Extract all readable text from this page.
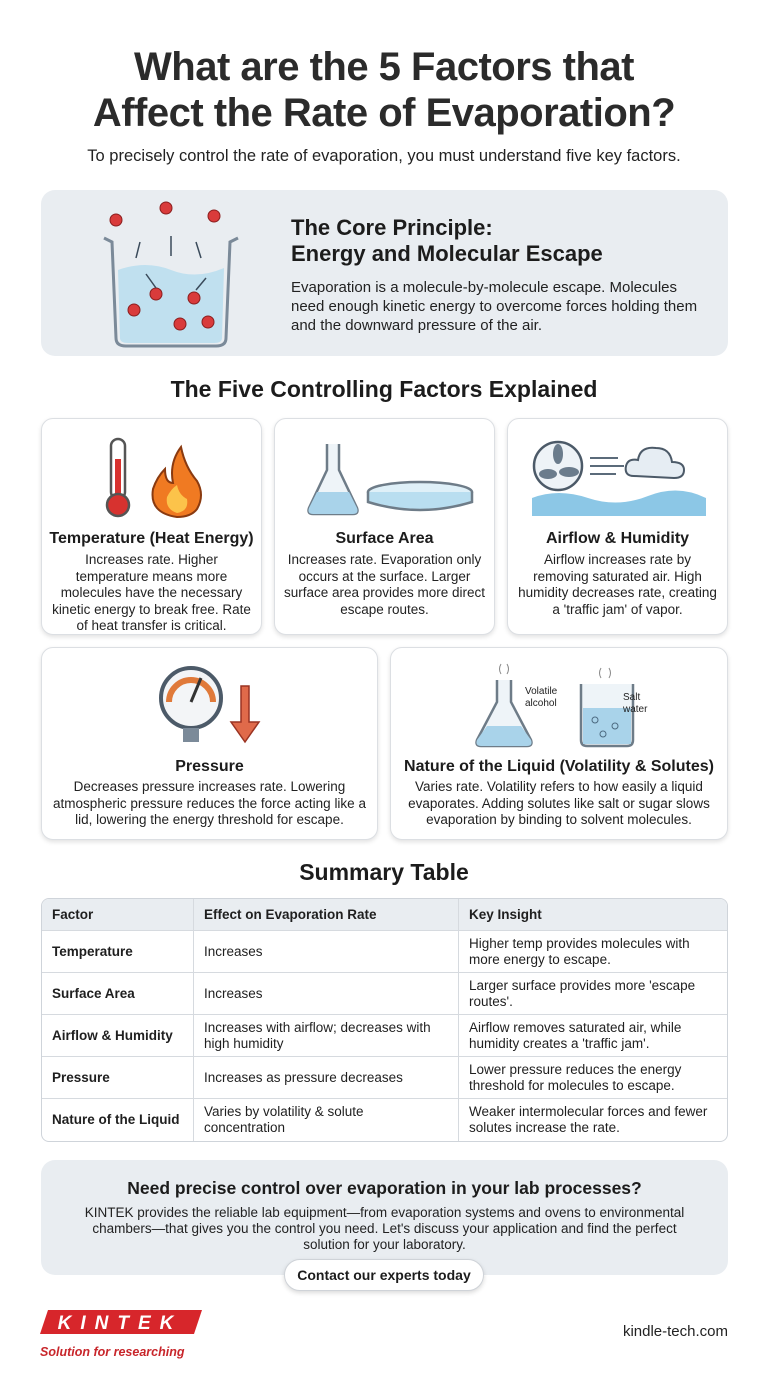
What are the 5 Factors that
Affect the Rate of Evaporation?
To precisely control the rate of evaporation, you must understand five key factors.
The Core Principle:
Energy and Molecular Escape

Evaporation is a molecule-by-molecule escape. Molecules need enough kinetic energy to overcome forces holding them and the downward pressure of the air.

The Five Controlling Factors Explained
Temperature (Heat Energy)

Increases rate. Higher temperature means more molecules have the necessary kinetic energy to break free. Rate of heat transfer is critical.

Surface Area

Increases rate. Evaporation only occurs at the surface. Larger surface area provides more direct escape routes.

Airflow & Humidity

Airflow increases rate by removing saturated air. High humidity decreases rate, creating a 'traffic jam' of vapor.

Pressure

Decreases pressure increases rate. Lowering atmospheric pressure reduces the force acting like a lid, lowering the energy threshold for escape.

Volatile alcohol
Salt water
Nature of the Liquid (Volatility & Solutes)

Varies rate. Volatility refers to how easily a liquid evaporates. Adding solutes like salt or sugar slows evaporation by binding to solvent molecules.

Summary Table
Factor	Effect on Evaporation Rate	Key Insight
Temperature	Increases	Higher temp provides molecules with more energy to escape.
Surface Area	Increases	Larger surface provides more 'escape routes'.
Airflow & Humidity	Increases with airflow; decreases with high humidity	Airflow removes saturated air, while humidity creates a 'traffic jam'.
Pressure	Increases as pressure decreases	Lower pressure reduces the energy threshold for molecules to escape.
Nature of the Liquid	Varies by volatility & solute concentration	Weaker intermolecular forces and fewer solutes increase the rate.
Need precise control over evaporation in your lab processes?

KINTEK provides the reliable lab equipment—from evaporation systems and ovens to environmental chambers—that gives you the control you need. Let's discuss your application and find the perfect solution for your laboratory.

Contact our experts today
KINTEK
Solution for researching
kindle-tech.com
